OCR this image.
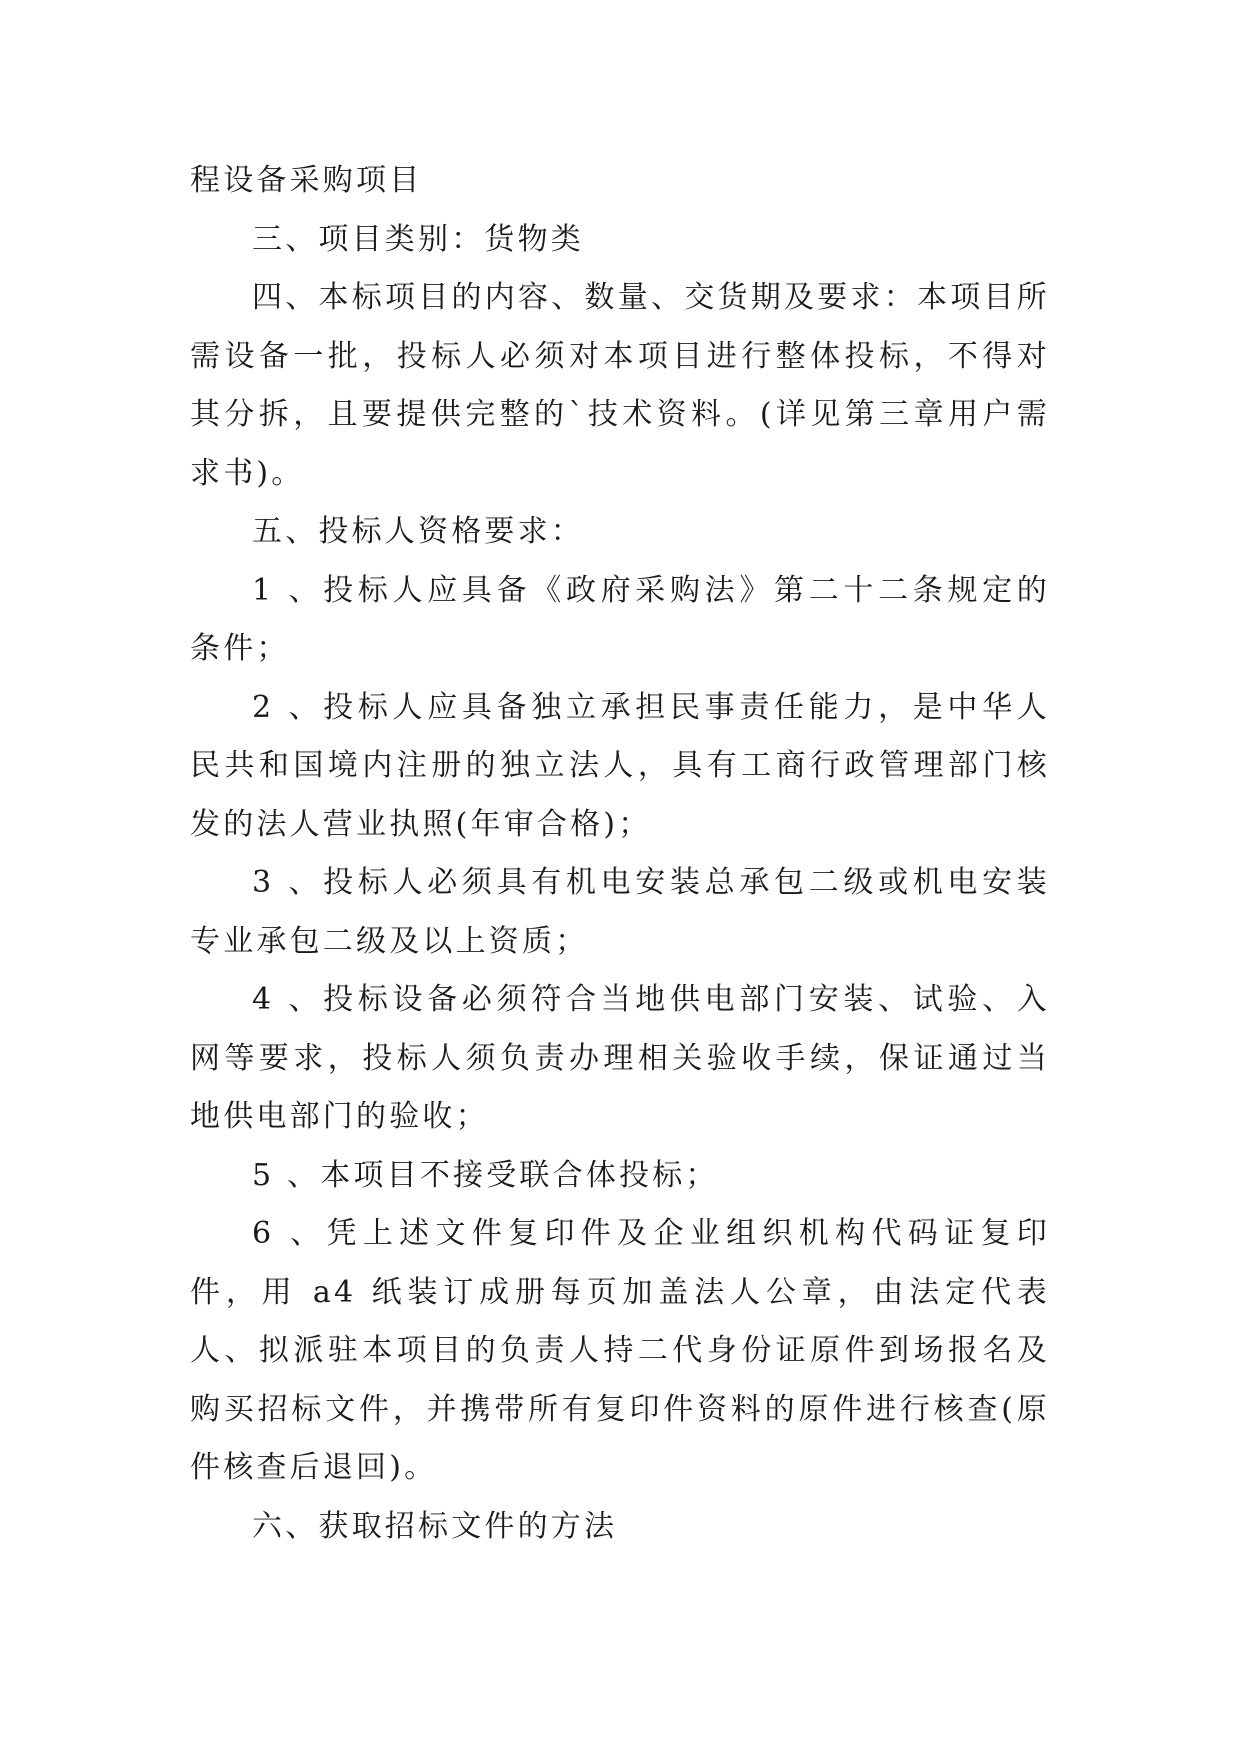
程设备采购项目

三、项目类别：货物类

四、本标项目的内容、数量、交货期及要求：本项目所需设备一批，投标人必须对本项目进行整体投标，不得对其分拆，且要提供完整的`技术资料。(详见第三章用户需求书)。

五、投标人资格要求：

1 、投标人应具备《政府采购法》第二十二条规定的条件；

2 、投标人应具备独立承担民事责任能力，是中华人民共和国境内注册的独立法人，具有工商行政管理部门核发的法人营业执照(年审合格)；

3 、投标人必须具有机电安装总承包二级或机电安装专业承包二级及以上资质；

4 、投标设备必须符合当地供电部门安装、试验、入网等要求，投标人须负责办理相关验收手续，保证通过当地供电部门的验收；

5 、本项目不接受联合体投标；

6 、凭上述文件复印件及企业组织机构代码证复印件，用 a4 纸装订成册每页加盖法人公章，由法定代表人、拟派驻本项目的负责人持二代身份证原件到场报名及购买招标文件，并携带所有复印件资料的原件进行核查(原件核查后退回)。

六、获取招标文件的方法
